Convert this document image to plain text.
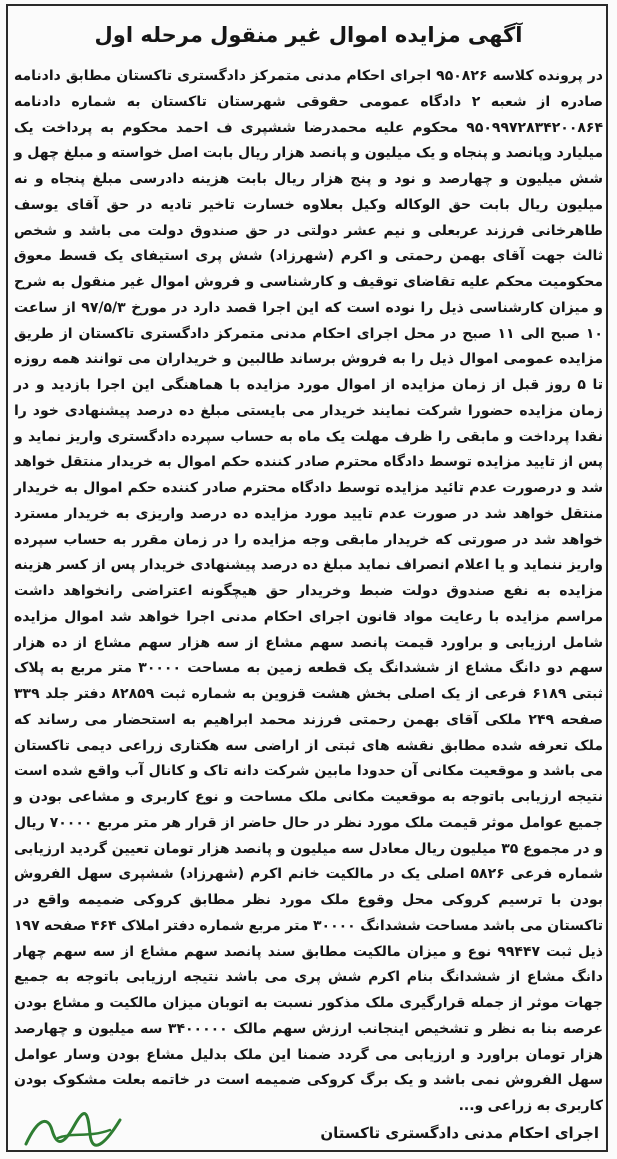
آگهی مزایده اموال غیر منقول مرحله اول

در پرونده کلاسه ۹۵۰۸۲۶ اجرای احکام مدنی متمرکز دادگستری تاکستان مطابق دادنامه صادره از شعبه ۲ دادگاه عمومی حقوقی شهرستان تاکستان به شماره دادنامه ۹۵۰۹۹۷۲۸۳۴۲۰۰۸۶۴ محکوم علیه محمدرضا ششپری ف احمد محکوم به پرداخت یک میلیارد وپانصد و پنجاه و یک میلیون و پانصد هزار ریال بابت اصل خواسته و مبلغ چهل و شش میلیون و چهارصد و نود و پنج هزار ریال بابت هزینه دادرسی مبلغ پنجاه و نه میلیون ریال بابت حق الوکاله وکیل بعلاوه خسارت تاخیر تادیه در حق آقای یوسف طاهرخانی فرزند عربعلی و نیم عشر دولتی در حق صندوق دولت می باشد و شخص ثالث جهت آقای بهمن رحمتی و اکرم (شهرزاد) شش پری استیفای یک قسط معوق محکومیت محکم علیه تقاضای توقیف و کارشناسی و فروش اموال غیر منقول به شرح و میزان کارشناسی ذیل را نوده است که این اجرا قصد دارد در مورخ ۹۷/۵/۳ از ساعت ۱۰ صبح الی ۱۱ صبح در محل اجرای احکام مدنی متمرکز دادگستری تاکستان از طریق مزایده عمومی اموال ذیل را به فروش برساند طالبین و خریداران می توانند همه روزه تا ۵ روز قبل از زمان مزایده از اموال مورد مزایده با هماهنگی این اجرا بازدید و در زمان مزایده حضورا شرکت نمایند خریدار می بایستی مبلغ ده درصد پیشنهادی خود را نقدا پرداخت و مابقی را ظرف مهلت یک ماه به حساب سپرده دادگستری واریز نماید و پس از تایید مزایده توسط دادگاه محترم صادر کننده حکم اموال به خریدار منتقل خواهد شد و درصورت عدم تائید مزایده توسط دادگاه محترم صادر کننده حکم اموال به خریدار منتقل خواهد شد در صورت عدم تایید مورد مزایده ده درصد واریزی به خریدار مسترد خواهد شد در صورتی که خریدار مابقی وجه مزایده را در زمان مقرر به حساب سپرده واریز ننماید و یا اعلام انصراف نماید مبلغ ده درصد پیشنهادی خریدار پس از کسر هزینه مزایده به نفع صندوق دولت ضبط وخریدار حق هیچگونه اعتراضی رانخواهد داشت مراسم مزایده با رعایت مواد قانون اجرای احکام مدنی اجرا خواهد شد اموال مزایده شامل ارزیابی و براورد قیمت پانصد سهم مشاع از سه هزار سهم مشاع از ده هزار سهم دو دانگ مشاع از ششدانگ یک قطعه زمین به مساحت ۳۰۰۰۰ متر مربع به پلاک ثبتی ۶۱۸۹ فرعی از یک اصلی بخش هشت قزوین به شماره ثبت ۸۲۸۵۹ دفتر جلد ۳۳۹ صفحه ۲۴۹ ملکی آقای بهمن رحمتی فرزند محمد ابراهیم به استحضار می رساند که ملک تعرفه شده مطابق نقشه های ثبتی از اراضی سه هکتاری زراعی دیمی تاکستان می باشد و موقعیت مکانی آن حدودا مابین شرکت دانه تاک و کانال آب واقع شده است نتیجه ارزیابی باتوجه به موقعیت مکانی ملک مساحت و نوع کاربری و مشاعی بودن و جمیع عوامل موثر قیمت ملک مورد نظر در حال حاضر از قرار هر متر مربع ۷۰۰۰۰ ریال و در مجموع ۳۵ میلیون ریال معادل سه میلیون و پانصد هزار تومان تعیین گردید ارزیابی شماره فرعی ۵۸۲۶ اصلی یک در مالکیت خانم اکرم (شهرزاد) ششپری سهل الفروش بودن با ترسیم کروکی محل وقوع ملک مورد نظر مطابق کروکی ضمیمه واقع در تاکستان می باشد مساحت ششدانگ ۳۰۰۰۰ متر مربع شماره دفتر املاک ۴۶۴ صفحه ۱۹۷ ذیل ثبت ۹۹۴۴۷ نوع و میزان مالکیت مطابق سند پانصد سهم مشاع از سه سهم چهار دانگ مشاع از ششدانگ بنام اکرم شش پری می باشد نتیجه ارزیابی باتوجه به جمیع جهات موثر از جمله قرارگیری ملک مذکور نسبت به اتوبان میزان مالکیت و مشاع بودن عرصه بنا به نظر و تشخیص اینجانب ارزش سهم مالک ۳۴۰۰۰۰۰ سه میلیون و چهارصد هزار تومان براورد و ارزیابی می گردد ضمنا این ملک بدلیل مشاع بودن وسار عوامل سهل الفروش نمی باشد و یک برگ کروکی ضمیمه است در خاتمه بعلت مشکوک بودن کاربری به زراعی و...

اجرای احکام مدنی دادگستری تاکستان
